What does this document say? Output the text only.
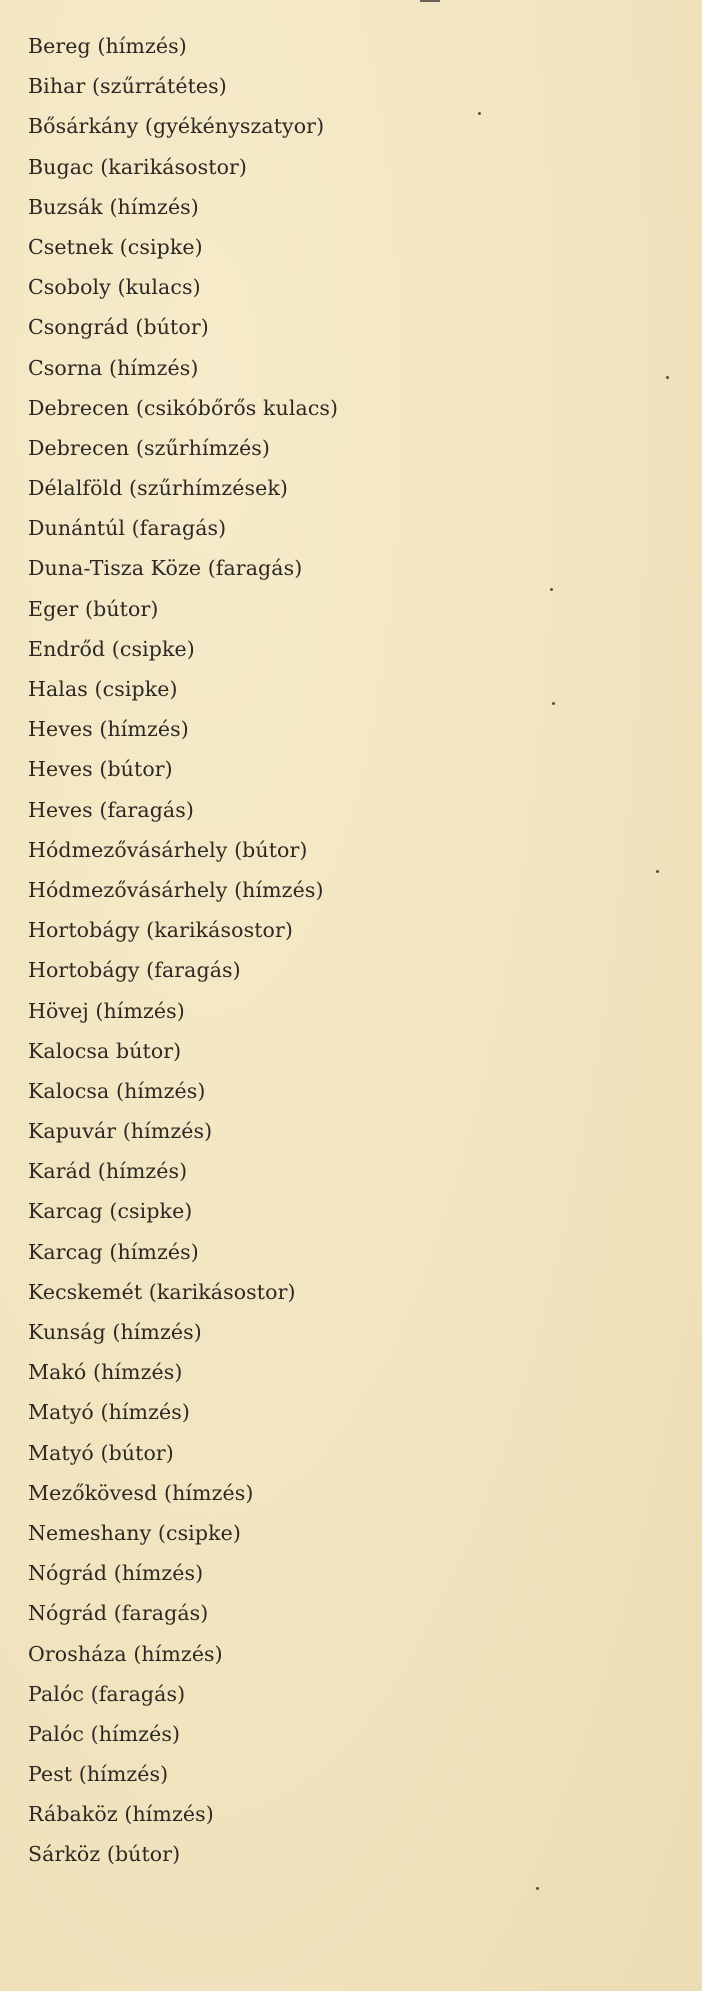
Bereg (hímzés)
Bihar (szűrrátétes)
Bősárkány (gyékényszatyor)
Bugac (karikásostor)
Buzsák (hímzés)
Csetnek (csipke)
Csoboly (kulacs)
Csongrád (bútor)
Csorna (hímzés)
Debrecen (csikóbőrős kulacs)
Debrecen (szűrhímzés)
Délalföld (szűrhímzések)
Dunántúl (faragás)
Duna-Tisza Köze (faragás)
Eger (bútor)
Endrőd (csipke)
Halas (csipke)
Heves (hímzés)
Heves (bútor)
Heves (faragás)
Hódmezővásárhely (bútor)
Hódmezővásárhely (hímzés)
Hortobágy (karikásostor)
Hortobágy (faragás)
Hövej (hímzés)
Kalocsa bútor)
Kalocsa (hímzés)
Kapuvár (hímzés)
Karád (hímzés)
Karcag (csipke)
Karcag (hímzés)
Kecskemét (karikásostor)
Kunság (hímzés)
Makó (hímzés)
Matyó (hímzés)
Matyó (bútor)
Mezőkövesd (hímzés)
Nemeshany (csipke)
Nógrád (hímzés)
Nógrád (faragás)
Orosháza (hímzés)
Palóc (faragás)
Palóc (hímzés)
Pest (hímzés)
Rábaköz (hímzés)
Sárköz (bútor)
